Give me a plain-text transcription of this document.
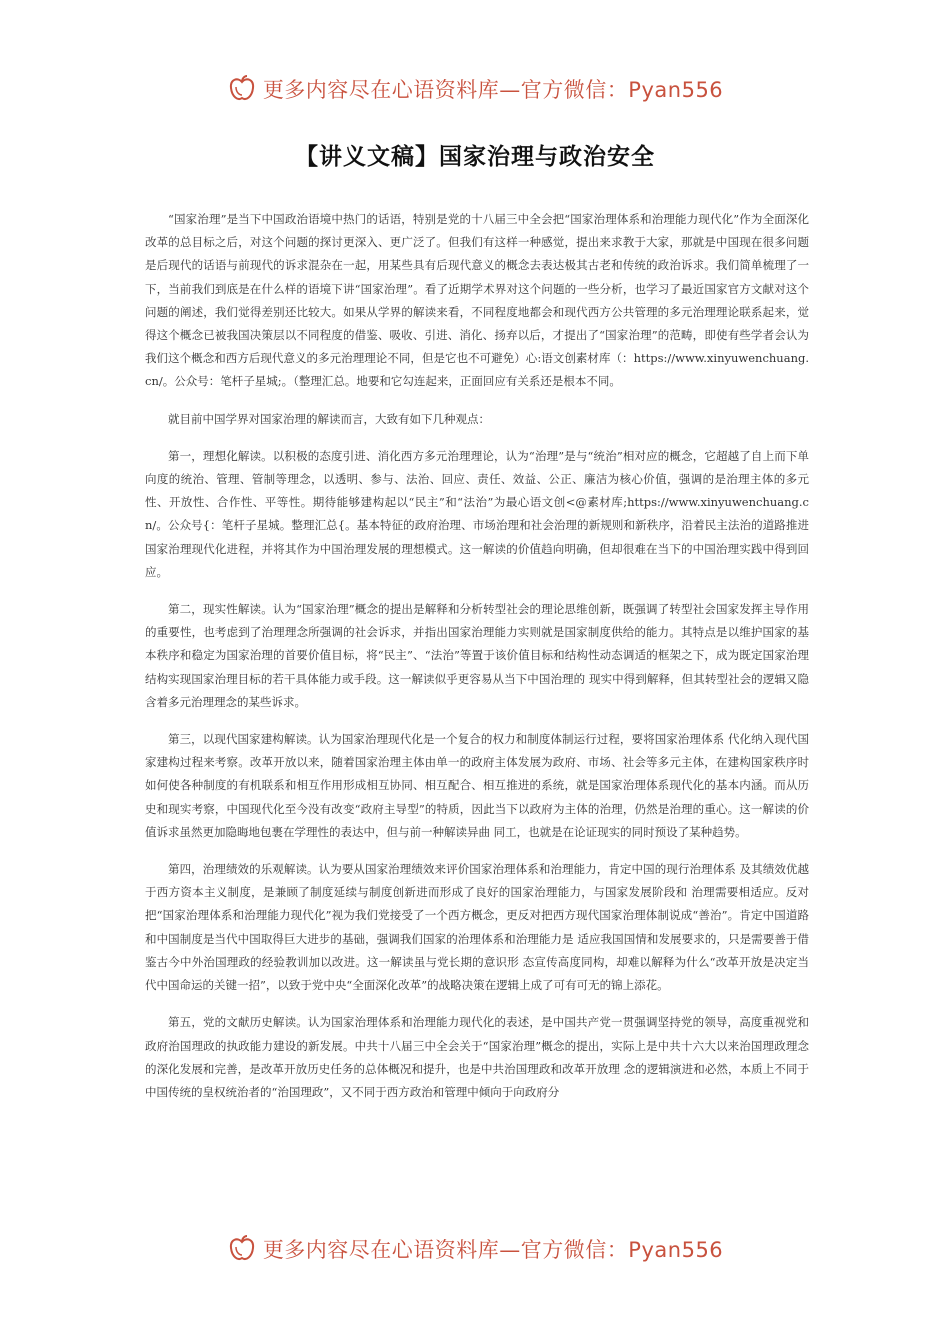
更多内容尽在心语资料库—官方微信：Pyan556
【讲义文稿】国家治理与政治安全

“国家治理”是当下中国政治语境中热门的话语，特别是党的十八届三中全会把“国家治理体系和治理能力现代化”作为全面深化改革的总目标之后，对这个问题的探讨更深入、更广泛了。但我们有这样一种感觉，提出来求教于大家，那就是中国现在很多问题是后现代的话语与前现代的诉求混杂在一起，用某些具有后现代意义的概念去表达极其古老和传统的政治诉求。我们简单梳理了一下，当前我们到底是在什么样的语境下讲“国家治理”。看了近期学术界对这个问题的一些分析，也学习了最近国家官方文献对这个问题的阐述，我们觉得差别还比较大。如果从学界的解读来看，不同程度地都会和现代西方公共管理的多元治理理论联系起来，觉得这个概念已被我国决策层以不同程度的借鉴、吸收、引进、消化、扬弃以后，才提出了“国家治理”的范畴，即使有些学者会认为我们这个概念和西方后现代意义的多元治理理论不同，但是它也不可避免）心:语文创素材库（：https://www.xinyuwenchuang.cn/。公众号：笔杆子星城;。（整理汇总。地要和它勾连起来，正面回应有关系还是根本不同。

就目前中国学界对国家治理的解读而言，大致有如下几种观点：

第一，理想化解读。以积极的态度引进、消化西方多元治理理论，认为“治理”是与“统治”相对应的概念，它超越了自上而下单向度的统治、管理、管制等理念，以透明、参与、法治、回应、责任、效益、公正、廉洁为核心价值，强调的是治理主体的多元性、开放性、合作性、平等性。期待能够建构起以“民主”和“法治”为最心语文创<@素材库;https://www.xinyuwenchuang.cn/。公众号{：笔杆子星城。整理汇总{。基本特征的政府治理、市场治理和社会治理的新规则和新秩序，沿着民主法治的道路推进国家治理现代化进程，并将其作为中国治理发展的理想模式。这一解读的价值趋向明确，但却很难在当下的中国治理实践中得到回应。

第二，现实性解读。认为“国家治理”概念的提出是解释和分析转型社会的理论思维创新，既强调了转型社会国家发挥主导作用的重要性，也考虑到了治理理念所强调的社会诉求，并指出国家治理能力实则就是国家制度供给的能力。其特点是以维护国家的基本秩序和稳定为国家治理的首要价值目标，将“民主”、“法治”等置于该价值目标和结构性动态调适的框架之下，成为既定国家治理结构实现国家治理目标的若干具体能力或手段。这一解读似乎更容易从当下中国治理的 现实中得到解释，但其转型社会的逻辑又隐含着多元治理理念的某些诉求。

第三，以现代国家建构解读。认为国家治理现代化是一个复合的权力和制度体制运行过程，要将国家治理体系 代化纳入现代国家建构过程来考察。改革开放以来，随着国家治理主体由单一的政府主体发展为政府、市场、社会等多元主体，在建构国家秩序时如何使各种制度的有机联系和相互作用形成相互协同、相互配合、相互推进的系统，就是国家治理体系现代化的基本内涵。而从历史和现实考察，中国现代化至今没有改变“政府主导型”的特质，因此当下以政府为主体的治理，仍然是治理的重心。这一解读的价值诉求虽然更加隐晦地包裹在学理性的表达中，但与前一种解读异曲 同工，也就是在论证现实的同时预设了某种趋势。

第四，治理绩效的乐观解读。认为要从国家治理绩效来评价国家治理体系和治理能力，肯定中国的现行治理体系 及其绩效优越于西方资本主义制度，是兼顾了制度延续与制度创新进而形成了良好的国家治理能力，与国家发展阶段和 治理需要相适应。反对把“国家治理体系和治理能力现代化”视为我们党接受了一个西方概念，更反对把西方现代国家治理体制说成“善治”。肯定中国道路和中国制度是当代中国取得巨大进步的基础，强调我们国家的治理体系和治理能力是 适应我国国情和发展要求的，只是需要善于借鉴古今中外治国理政的经验教训加以改进。这一解读虽与党长期的意识形 态宣传高度同构，却难以解释为什么“改革开放是决定当代中国命运的关键一招”，以致于党中央“全面深化改革”的战略决策在逻辑上成了可有可无的锦上添花。

第五，党的文献历史解读。认为国家治理体系和治理能力现代化的表述，是中国共产党一贯强调坚持党的领导，高度重视党和政府治国理政的执政能力建设的新发展。中共十八届三中全会关于“国家治理”概念的提出，实际上是中共十六大以来治国理政理念的深化发展和完善，是改革开放历史任务的总体概况和提升，也是中共治国理政和改革开放理 念的逻辑演进和必然，本质上不同于中国传统的皇权统治者的“治国理政”，又不同于西方政治和管理中倾向于向政府分

更多内容尽在心语资料库—官方微信：Pyan556
